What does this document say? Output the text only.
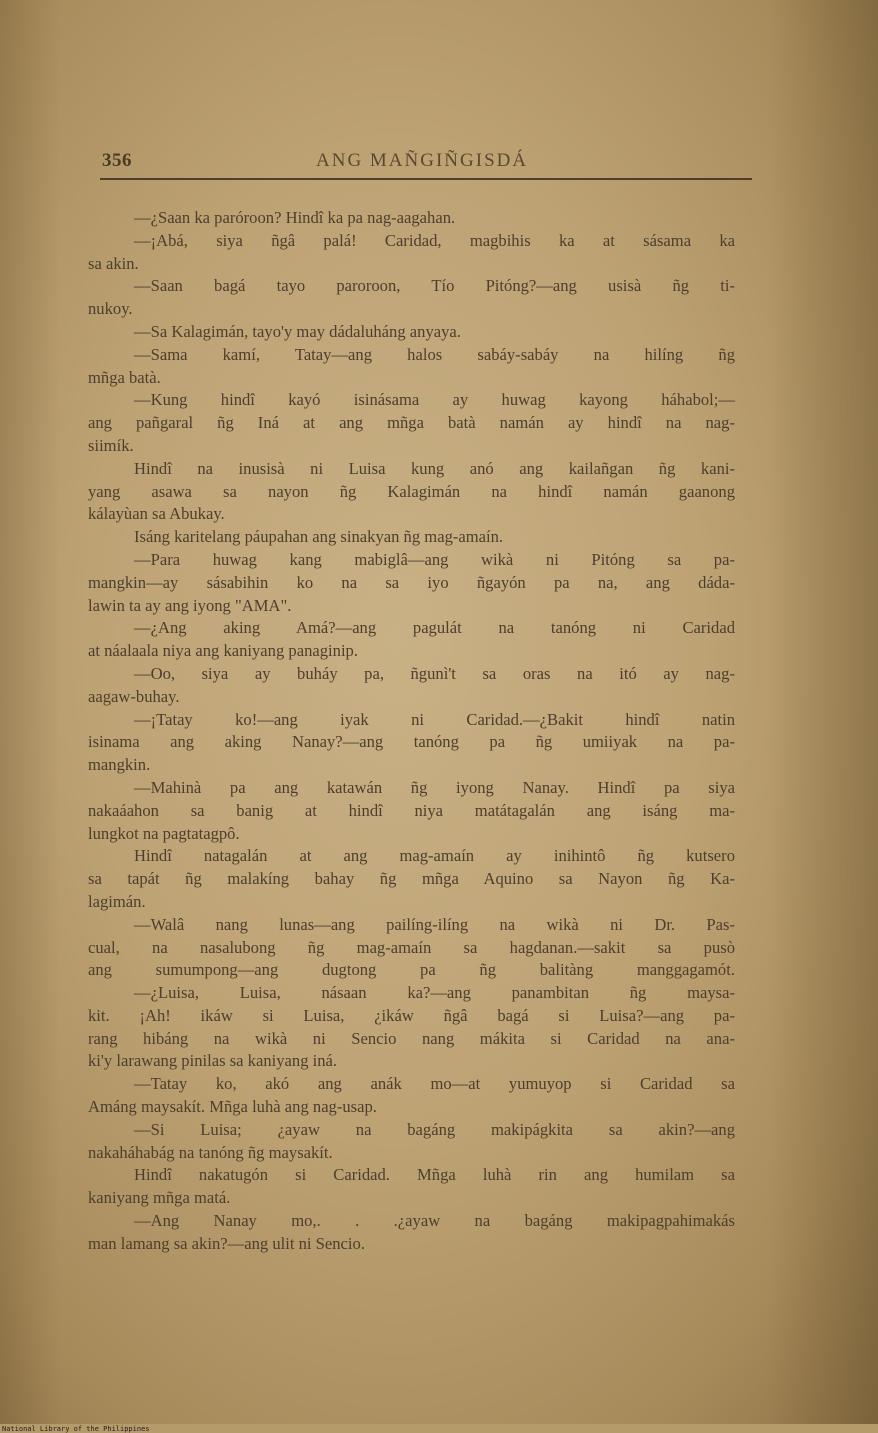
356	ANG MAÑGIÑGISDÁ
—¿Saan ka paróroon? Hindî ka pa nag-aagahan.
—¡Abá, siya ñgâ palá! Caridad, magbihis ka at sásama ka
sa akin.
—Saan bagá tayo paroroon, Tío Pitóng?—ang usisà ñg ti-
nukoy.
—Sa Kalagimán, tayo'y may dádaluháng anyaya.
—Sama kamí, Tatay—ang halos sabáy-sabáy na hilíng ñg
mñga batà.
—Kung hindî kayó isinásama ay huwag kayong háhabol;—
ang pañgaral ñg Iná at ang mñga batà namán ay hindî na nag-
siimík.
Hindî na inusisà ni Luisa kung anó ang kailañgan ñg kani-
yang asawa sa nayon ñg Kalagimán na hindî namán gaanong
kálayùan sa Abukay.
Isáng karitelang páupahan ang sinakyan ñg mag-amaín.
—Para huwag kang mabiglâ—ang wikà ni Pitóng sa pa-
mangkin—ay sásabihin ko na sa iyo ñgayón pa na, ang dáda-
lawin ta ay ang iyong "AMA".
—¿Ang aking Amá?—ang pagulát na tanóng ni Caridad
at náalaala niya ang kaniyang panaginip.
—Oo, siya ay buháy pa, ñgunì't sa oras na itó ay nag-
aagaw-buhay.
—¡Tatay ko!—ang iyak ni Caridad.—¿Bakit hindî natin
isinama ang aking Nanay?—ang tanóng pa ñg umiiyak na pa-
mangkin.
—Mahinà pa ang katawán ñg iyong Nanay. Hindî pa siya
nakaáahon sa banig at hindî niya matátagalán ang isáng ma-
lungkot na pagtatagpô.
Hindî natagalán at ang mag-amaín ay inihintô ñg kutsero
sa tapát ñg malakíng bahay ñg mñga Aquino sa Nayon ñg Ka-
lagimán.
—Walâ nang lunas—ang pailíng-ilíng na wikà ni Dr. Pas-
cual, na nasalubong ñg mag-amaín sa hagdanan.—sakit sa pusò
ang sumumpong—ang dugtong pa ñg balitàng manggagamót.
—¿Luisa, Luisa, násaan ka?—ang panambitan ñg maysa-
kit. ¡Ah! ikáw si Luisa, ¿ikáw ñgâ bagá si Luisa?—ang pa-
rang hibáng na wikà ni Sencio nang mákita si Caridad na ana-
ki'y larawang pinilas sa kaniyang iná.
—Tatay ko, akó ang anák mo—at yumuyop si Caridad sa
Amáng maysakít. Mñga luhà ang nag-usap.
—Si Luisa; ¿ayaw na bagáng makipágkita sa akin?—ang
nakaháhabág na tanóng ñg maysakít.
Hindî nakatugón si Caridad. Mñga luhà rin ang humilam sa
kaniyang mñga matá.
—Ang Nanay mo,. . .¿ayaw na bagáng makipagpahimakás
man lamang sa akin?—ang ulit ni Sencio.
National Library of the Philippines
